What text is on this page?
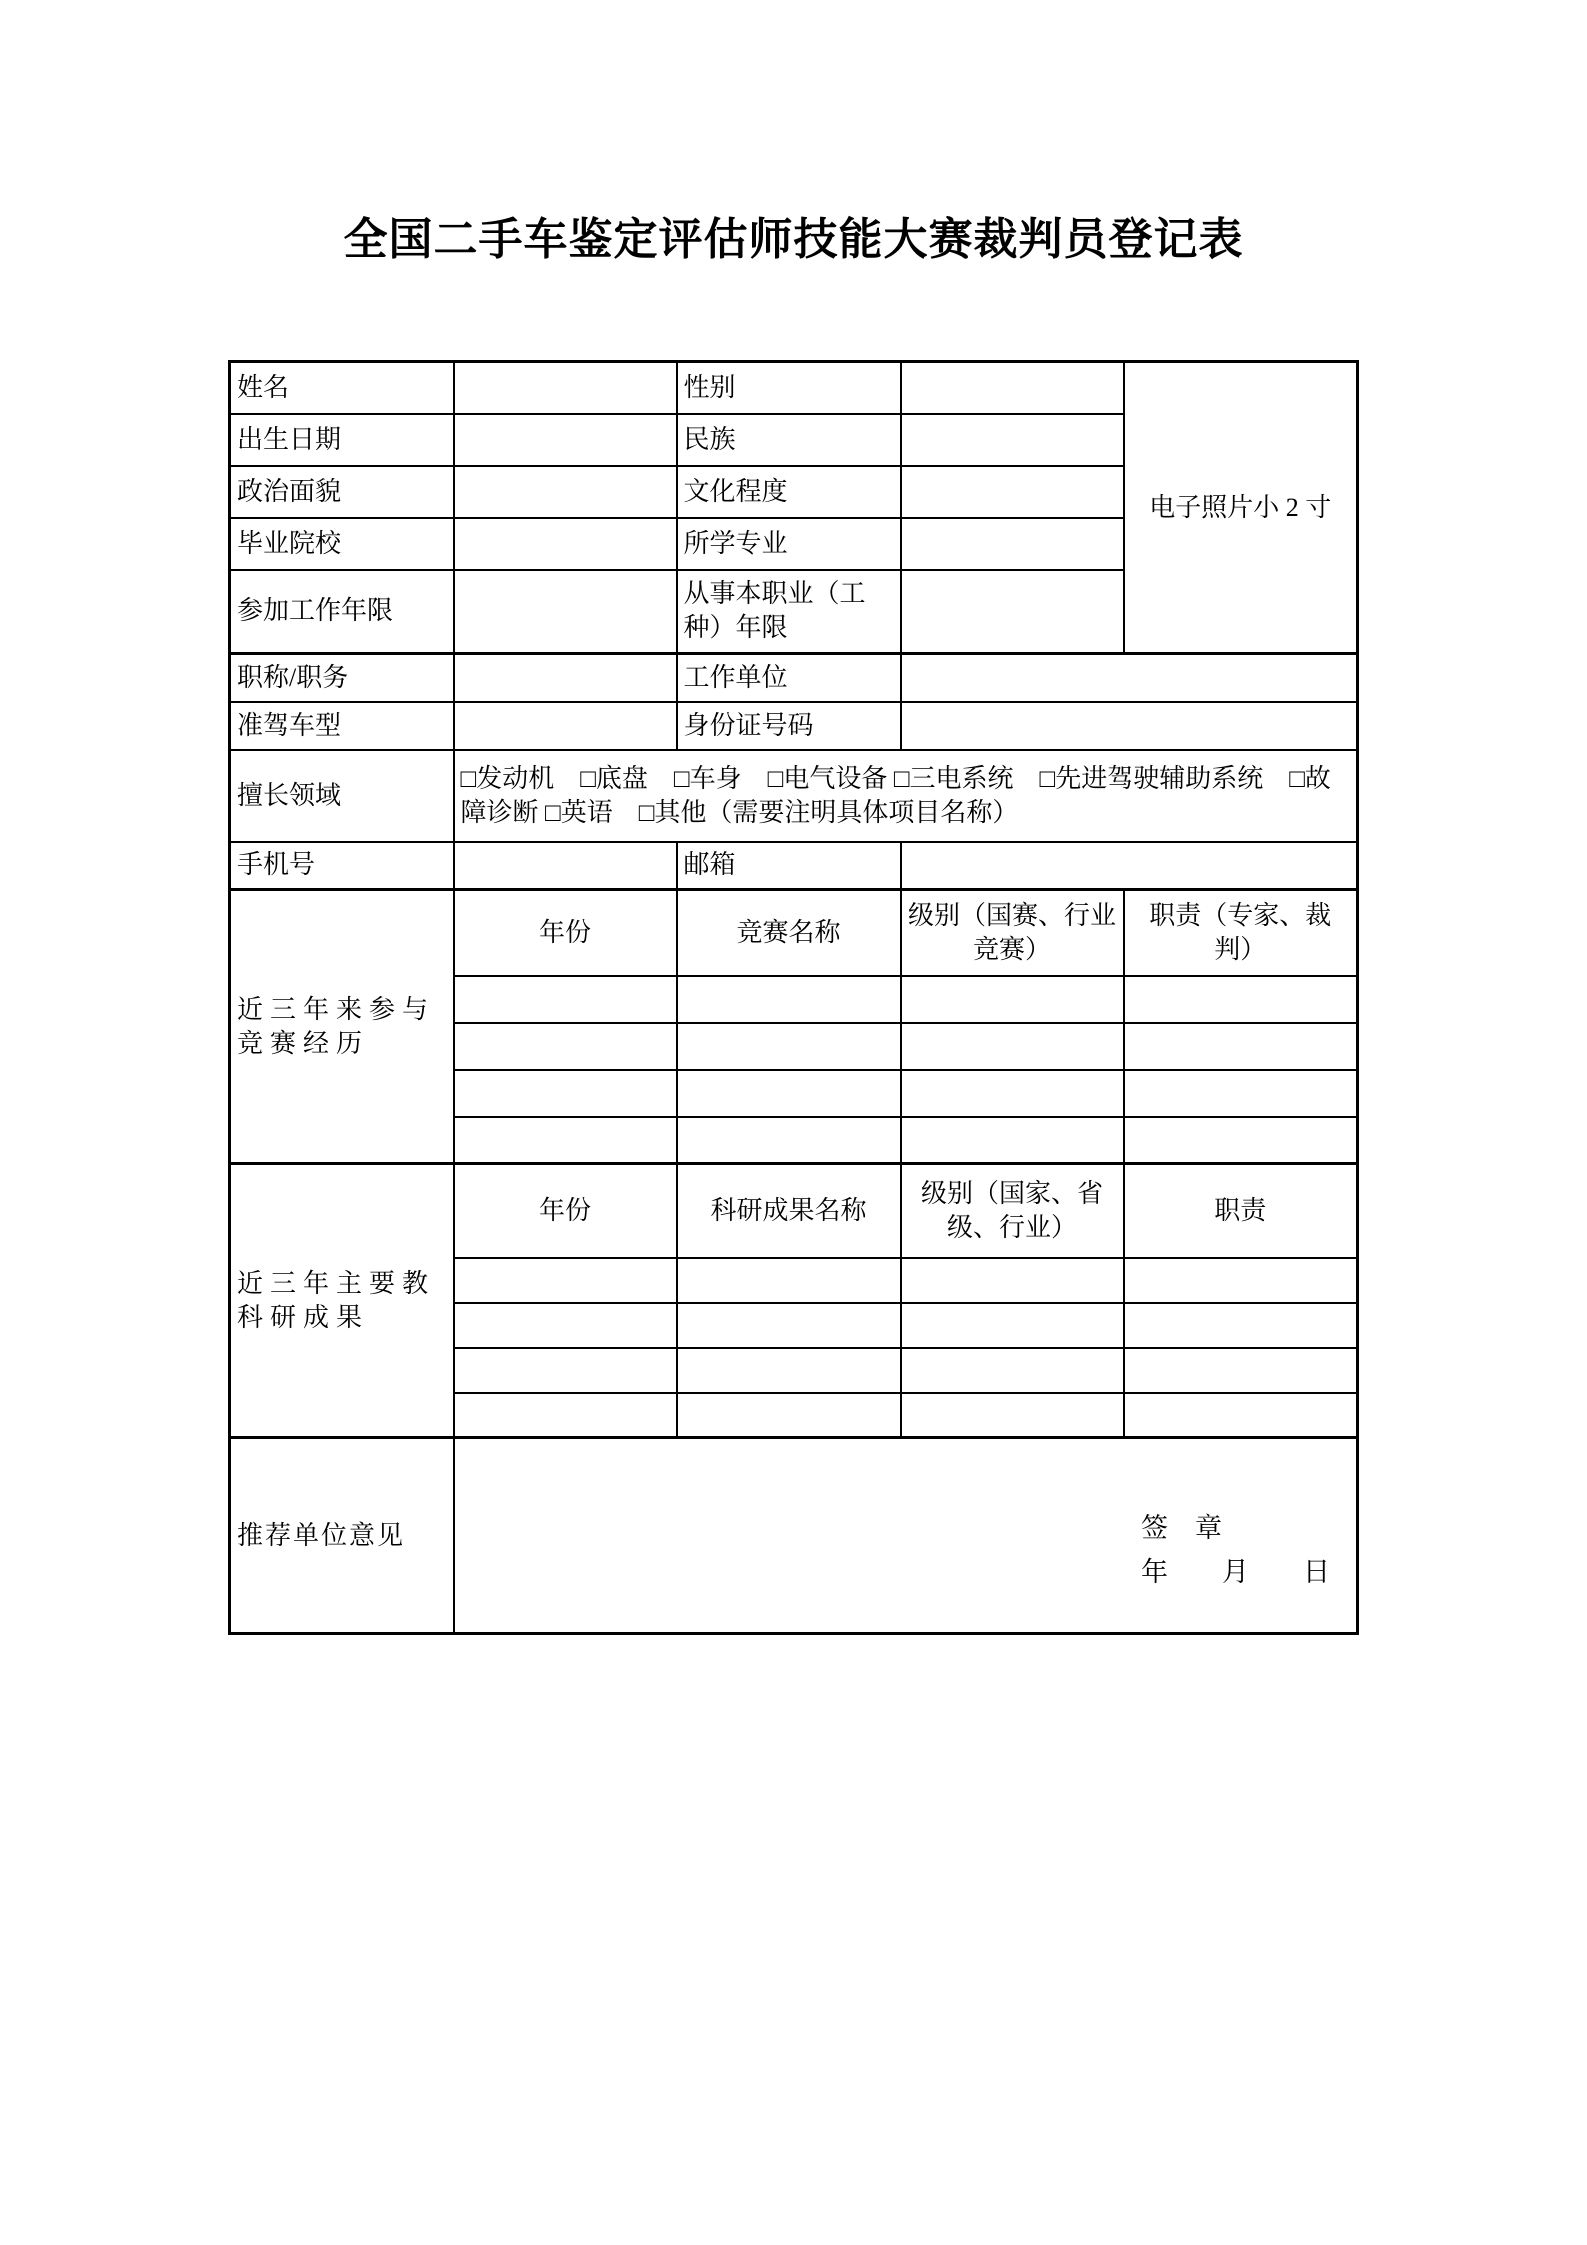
全国二手车鉴定评估师技能大赛裁判员登记表
姓名		性别		电子照片小 2 寸
出生日期		民族		
政治面貌		文化程度		
毕业院校		所学专业		
参加工作年限		从事本职业（工种）年限		
职称/职务		工作单位		
准驾车型		身份证号码		
擅长领域	□发动机　□底盘　□车身　□电气设备 □三电系统　□先进驾驶辅助系统　□故障诊断 □英语　□其他（需要注明具体项目名称）			
手机号		邮箱		
近三年来参与竞赛经历	年份	竞赛名称	级别（国赛、行业竞赛）	职责（专家、裁判）

近三年主要教科研成果	年份	科研成果名称	级别（国家、省级、行业）	职责

推荐单位意见	签　章
年　　月　　日			
